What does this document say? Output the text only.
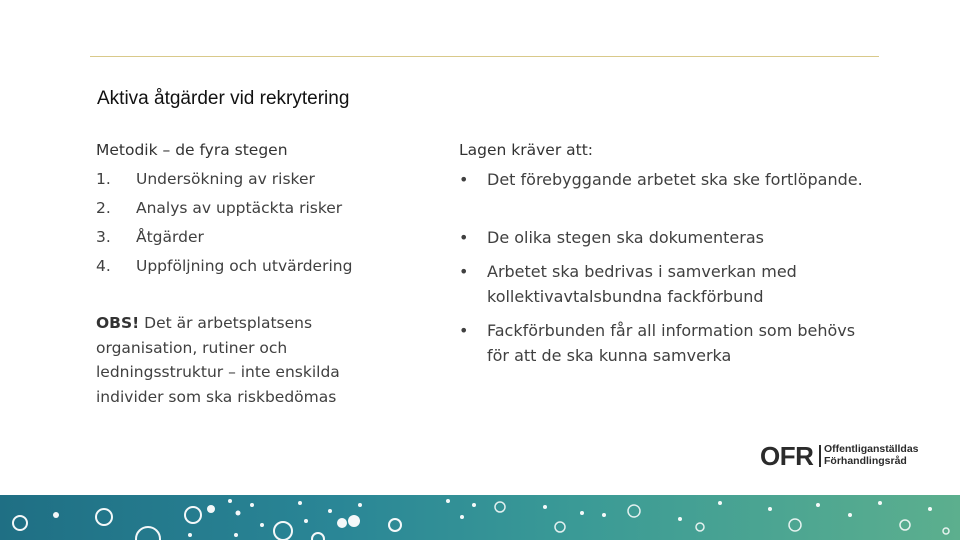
Aktiva åtgärder vid rekrytering
Metodik – de fyra stegen
1.	Undersökning av risker
2.	Analys av upptäckta risker
3.	Åtgärder
4.	Uppföljning och utvärdering
OBS! Det är arbetsplatsens organisation, rutiner och ledningsstruktur – inte enskilda individer som ska riskbedömas
Lagen kräver att:
•	Det förebyggande arbetet ska ske fortlöpande.
•	De olika stegen ska dokumenteras
•	Arbetet ska bedrivas i samverkan med kollektivavtalsbundna fackförbund
•	Fackförbunden får all information som behövs för att de ska kunna samverka
OFR Offentliganställdas
Förhandlingsråd
